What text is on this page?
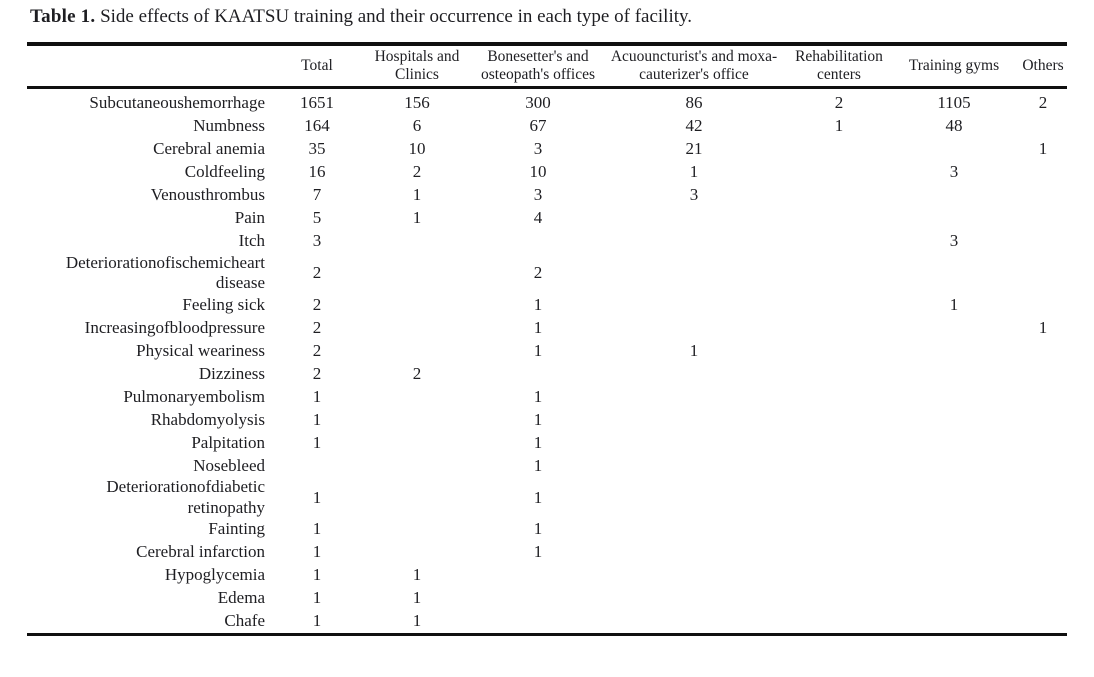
Table 1. Side effects of KAATSU training and their occurrence in each type of facility.
	Total	Hospitals and Clinics	Bonesetter's and osteopath's offices	Acuouncturist's and moxa-cauterizer's office	Rehabilitation centers	Training gyms	Others
Subcutaneoushemorrhage	1651	156	300	86	2	1105	2
Numbness	164	6	67	42	1	48	
Cerebral anemia	35	10	3	21			1
Coldfeeling	16	2	10	1		3	
Venousthrombus	7	1	3	3			
Pain	5	1	4				
Itch	3					3	
Deteriorationofischemicheart disease	2		2				
Feeling sick	2		1			1	
Increasingofbloodpressure	2		1				1
Physical weariness	2		1	1			
Dizziness	2	2					
Pulmonaryembolism	1		1				
Rhabdomyolysis	1		1				
Palpitation	1		1				
Nosebleed			1				
Deteriorationofdiabetic retinopathy	1		1				
Fainting	1		1				
Cerebral infarction	1		1				
Hypoglycemia	1	1					
Edema	1	1					
Chafe	1	1					
